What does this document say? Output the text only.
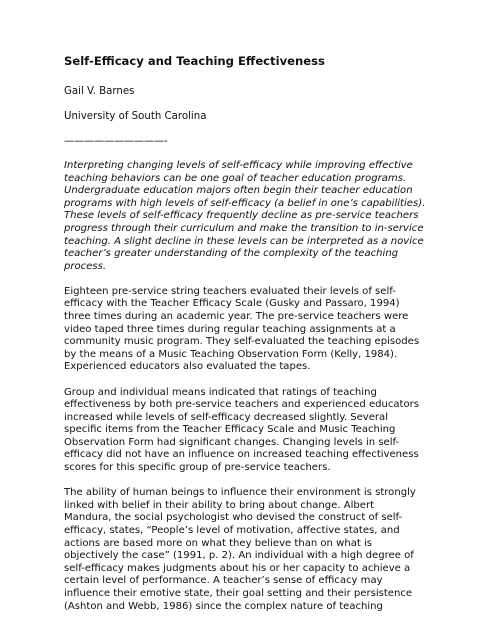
Self-Efficacy and Teaching Effectiveness
Gail V. Barnes
University of South Carolina
——————————-
Interpreting changing levels of self-efficacy while improving effective
teaching behaviors can be one goal of teacher education programs.
Undergraduate education majors often begin their teacher education
programs with high levels of self-efficacy (a belief in one’s capabilities).
These levels of self-efficacy frequently decline as pre-service teachers
progress through their curriculum and make the transition to in-service
teaching. A slight decline in these levels can be interpreted as a novice
teacher’s greater understanding of the complexity of the teaching
process.
Eighteen pre-service string teachers evaluated their levels of self-
efficacy with the Teacher Efficacy Scale (Gusky and Passaro, 1994)
three times during an academic year. The pre-service teachers were
video taped three times during regular teaching assignments at a
community music program. They self-evaluated the teaching episodes
by the means of a Music Teaching Observation Form (Kelly, 1984).
Experienced educators also evaluated the tapes.
Group and individual means indicated that ratings of teaching
effectiveness by both pre-service teachers and experienced educators
increased while levels of self-efficacy decreased slightly. Several
specific items from the Teacher Efficacy Scale and Music Teaching
Observation Form had significant changes. Changing levels in self-
efficacy did not have an influence on increased teaching effectiveness
scores for this specific group of pre-service teachers.
The ability of human beings to influence their environment is strongly
linked with belief in their ability to bring about change. Albert
Mandura, the social psychologist who devised the construct of self-
efficacy, states, “People’s level of motivation, affective states, and
actions are based more on what they believe than on what is
objectively the case” (1991, p. 2). An individual with a high degree of
self-efficacy makes judgments about his or her capacity to achieve a
certain level of performance. A teacher’s sense of efficacy may
influence their emotive state, their goal setting and their persistence
(Ashton and Webb, 1986) since the complex nature of teaching
